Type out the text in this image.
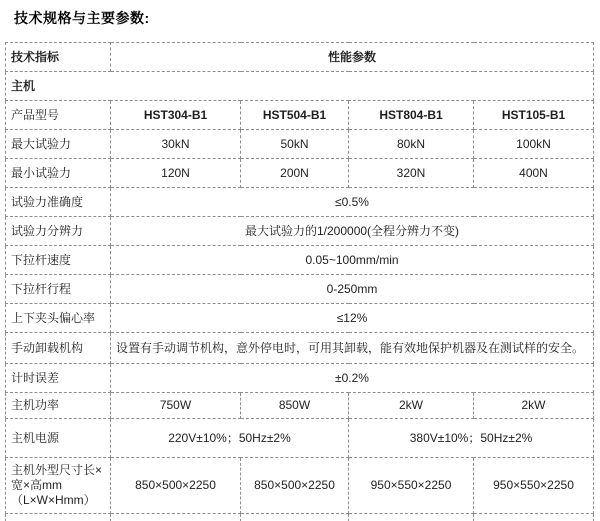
技术规格与主要参数:
技术指标	性能参数			
主机				
产品型号	HST304-B1	HST504-B1	HST804-B1	HST105-B1
最大试验力	30kN	50kN	80kN	100kN
最小试验力	120N	200N	320N	400N
试验力准确度	≤0.5%			
试验力分辨力	最大试验力的1/200000(全程分辨力不变)			
下拉杆速度	0.05~100mm/min			
下拉杆行程	0-250mm			
上下夹头偏心率	≤12%			
手动卸载机构	设置有手动调节机构，意外停电时，可用其卸载，能有效地保护机器及在测试样的安全。			
计时误差	±0.2%			
主机功率	750W	850W	2kW	2kW
主机电源	220V±10%；50Hz±2%		380V±10%；50Hz±2%	
主机外型尺寸长×宽×高mm（L×W×Hmm）	850×500×2250	850×500×2250	950×550×2250	950×550×2250
